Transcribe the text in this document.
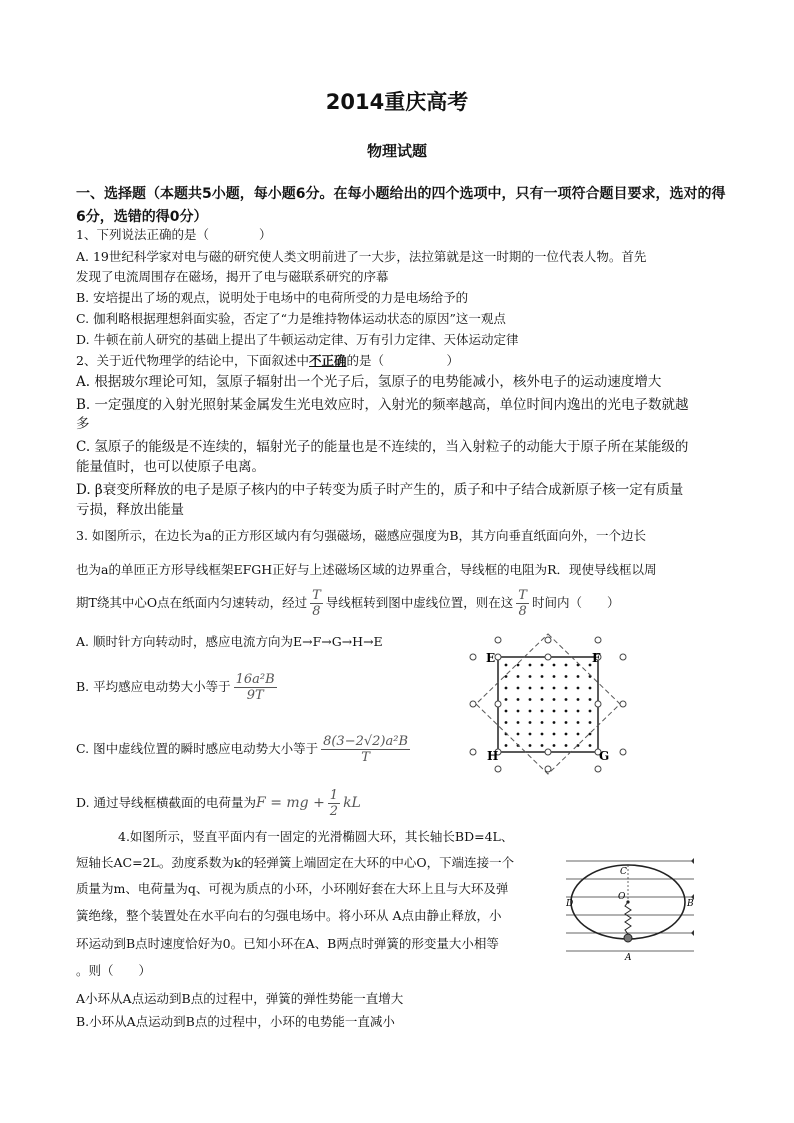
2014重庆高考
物理试题
一、选择题（本题共5小题，每小题6分。在每小题给出的四个选项中，只有一项符合题目要求，选对的得6分，选错的得0分）
1、下列说法正确的是（　　　　）
A. 19世纪科学家对电与磁的研究使人类文明前进了一大步，法拉第就是这一时期的一位代表人物。首先
发现了电流周围存在磁场，揭开了电与磁联系研究的序幕
B. 安培提出了场的观点，说明处于电场中的电荷所受的力是电场给予的
C. 伽利略根据理想斜面实验，否定了“力是维持物体运动状态的原因”这一观点
D. 牛顿在前人研究的基础上提出了牛顿运动定律、万有引力定律、天体运动定律
2、关于近代物理学的结论中，下面叙述中不正确的是（　　　　　）
A. 根据玻尔理论可知，氢原子辐射出一个光子后，氢原子的电势能减小，核外电子的运动速度增大
B. 一定强度的入射光照射某金属发生光电效应时，入射光的频率越高，单位时间内逸出的光电子数就越
多
C. 氢原子的能级是不连续的，辐射光子的能量也是不连续的，当入射粒子的动能大于原子所在某能级的
能量值时，也可以使原子电离。
D. β衰变所释放的电子是原子核内的中子转变为质子时产生的，质子和中子结合成新原子核一定有质量
亏损，释放出能量
3. 如图所示，在边长为a的正方形区域内有匀强磁场，磁感应强度为B，其方向垂直纸面向外，一个边长
也为a的单匝正方形导线框架EFGH正好与上述磁场区域的边界重合，导线框的电阻为R．现使导线框以周
期T绕其中心O点在纸面内匀速转动，经过 $\frac{T}{8}$ 导线框转到图中虚线位置，则在这 $\frac{T}{8}$ 时间内（　　）
A. 顺时针方向转动时，感应电流方向为E→F→G→H→E
B. 平均感应电动势大小等于 $\frac{\text{16a²B}}{9T}$
C. 图中虚线位置的瞬时感应电动势大小等于 $\frac{\text{8(3−2√2)a²B}}{T}$
D. 通过导线框横截面的电荷量为F = mg + $\frac{1}{2}$ kL
E	F
G
H
4.如图所示，竖直平面内有一固定的光滑椭圆大环，其长轴长BD=4L、
短轴长AC=2L。劲度系数为k的轻弹簧上端固定在大环的中心O，下端连接一个
质量为m、电荷量为q、可视为质点的小环，小环刚好套在大环上且与大环及弹
簧绝缘，整个装置处在水平向右的匀强电场中。将小环从 A点由静止释放，小
环运动到B点时速度恰好为0。已知小环在A、B两点时弹簧的形变量大小相等
。则（　　）
A小环从A点运动到B点的过程中，弹簧的弹性势能一直增大
B.小环从A点运动到B点的过程中，小环的电势能一直减小
C
O
D	B
A
